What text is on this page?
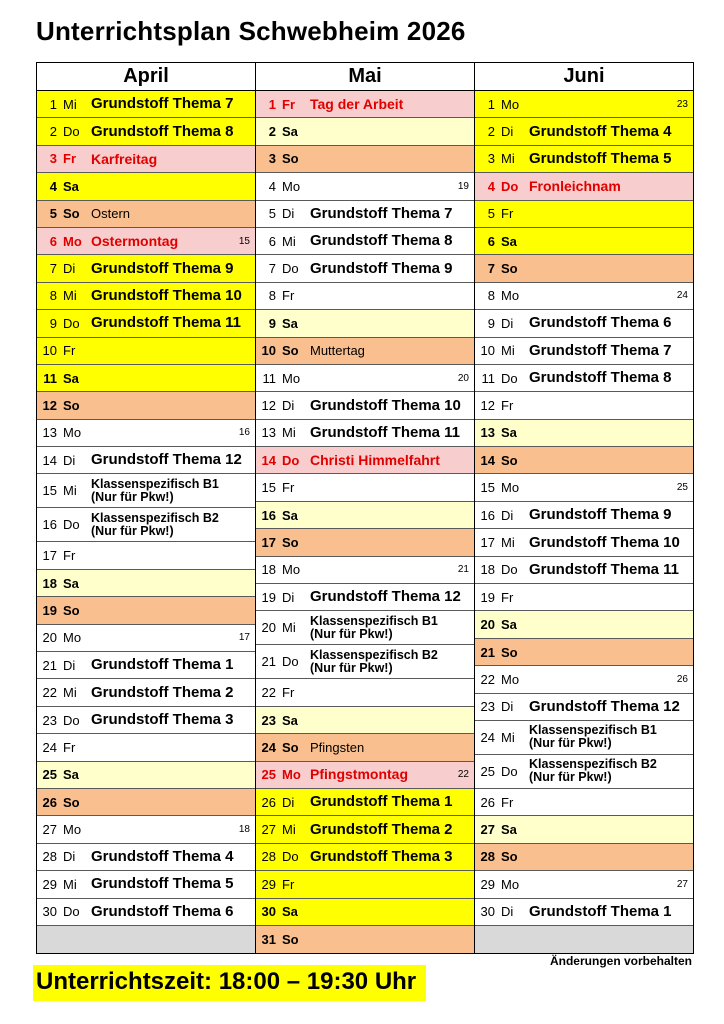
Unterrichtsplan Schwebheim 2026
April
1 Mi Grundstoff Thema 7
2 Do Grundstoff Thema 8
3 Fr	Karfreitag
4 Sa
5 So Ostern
6 Mo Ostermontag	15
7 Di	Grundstoff Thema 9
8 Mi Grundstoff Thema 10
9 Do Grundstoff Thema 11
10 Fr
11 Sa
12 So
13 Mo	16
14 Di	Grundstoff Thema 12
15 Mi	Klassenspezifisch B1
(Nur für Pkw!)
16 Do Klassenspezifisch B2
(Nur für Pkw!)
17 Fr
18 Sa
19 So
20 Mo	17
21 Di	Grundstoff Thema 1
22 Mi Grundstoff Thema 2
23 Do Grundstoff Thema 3
24 Fr
25 Sa
26 So
27 Mo	18
28 Di	Grundstoff Thema 4
29 Mi Grundstoff Thema 5
30 Do Grundstoff Thema 6
Mai
1 Fr	Tag der Arbeit
2 Sa
3 So
4 Mo	19
5 Di	Grundstoff Thema 7
6 Mi Grundstoff Thema 8
7 Do Grundstoff Thema 9
8 Fr
9 Sa
10 So Muttertag
11 Mo	20
12 Di	Grundstoff Thema 10
13 Mi Grundstoff Thema 11
14 Do Christi Himmelfahrt
15 Fr
16 Sa
17 So
18 Mo	21
19 Di	Grundstoff Thema 12
20 Mi	Klassenspezifisch B1
(Nur für Pkw!)
21 Do Klassenspezifisch B2
(Nur für Pkw!)
22 Fr
23 Sa
24 So Pfingsten
25 Mo Pfingstmontag	22
26 Di	Grundstoff Thema 1
27 Mi Grundstoff Thema 2
28 Do Grundstoff Thema 3
29 Fr
30 Sa
31 So
Juni
1 Mo	23
2 Di	Grundstoff Thema 4
3 Mi Grundstoff Thema 5
4 Do Fronleichnam
5 Fr
6 Sa
7 So
8 Mo	24
9 Di	Grundstoff Thema 6
10 Mi Grundstoff Thema 7
11 Do Grundstoff Thema 8
12 Fr
13 Sa
14 So
15 Mo	25
16 Di	Grundstoff Thema 9
17 Mi Grundstoff Thema 10
18 Do Grundstoff Thema 11
19 Fr
20 Sa
21 So
22 Mo	26
23 Di	Grundstoff Thema 12
24 Mi	Klassenspezifisch B1
(Nur für Pkw!)
25 Do Klassenspezifisch B2
(Nur für Pkw!)
26 Fr
27 Sa
28 So
29 Mo	27
30 Di	Grundstoff Thema 1
Änderungen vorbehalten
Unterrichtszeit: 18:00 – 19:30 Uhr
